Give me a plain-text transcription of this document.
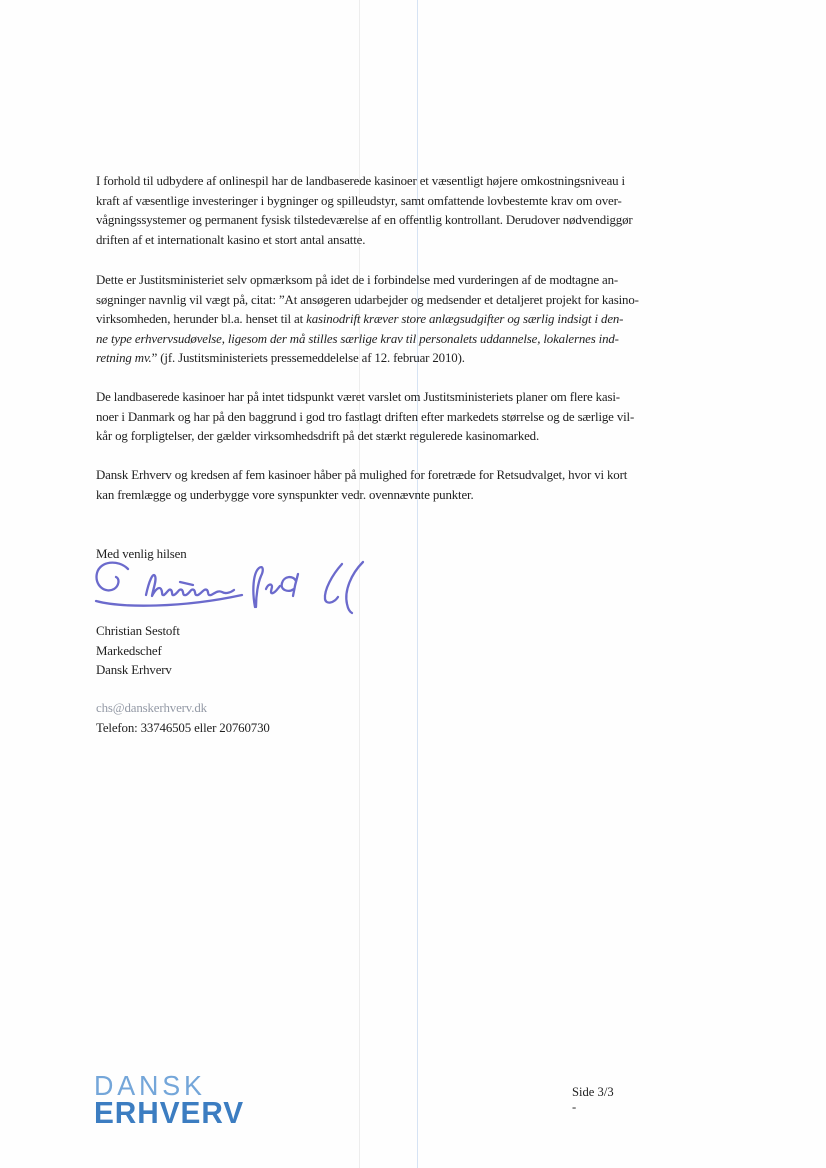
I forhold til udbydere af onlinespil har de landbaserede kasinoer et væsentligt højere omkostningsniveau i
kraft af væsentlige investeringer i bygninger og spilleudstyr, samt omfattende lovbestemte krav om over-
vågningssystemer og permanent fysisk tilstedeværelse af en offentlig kontrollant. Derudover nødvendiggør
driften af et internationalt kasino et stort antal ansatte.

Dette er Justitsministeriet selv opmærksom på idet de i forbindelse med vurderingen af de modtagne an-
søgninger navnlig vil vægt på, citat: ”At ansøgeren udarbejder og medsender et detaljeret projekt for kasino-
virksomheden, herunder bl.a. henset til at kasinodrift kræver store anlægsudgifter og særlig indsigt i den-
ne type erhvervsudøvelse, ligesom der må stilles særlige krav til personalets uddannelse, lokalernes ind-
retning mv.” (jf. Justitsministeriets pressemeddelelse af 12. februar 2010).

De landbaserede kasinoer har på intet tidspunkt været varslet om Justitsministeriets planer om flere kasi-
noer i Danmark og har på den baggrund i god tro fastlagt driften efter markedets størrelse og de særlige vil-
kår og forpligtelser, der gælder virksomhedsdrift på det stærkt regulerede kasinomarked.

Dansk Erhverv og kredsen af fem kasinoer håber på mulighed for foretræde for Retsudvalget, hvor vi kort
kan fremlægge og underbygge vore synspunkter vedr. ovennævnte punkter.

Med venlig hilsen

Christian Sestoft
Markedschef
Dansk Erhverv

chs@danskerhverv.dk
Telefon: 33746505 eller 20760730

DANSK
ERHVERV
Side 3/3
-
